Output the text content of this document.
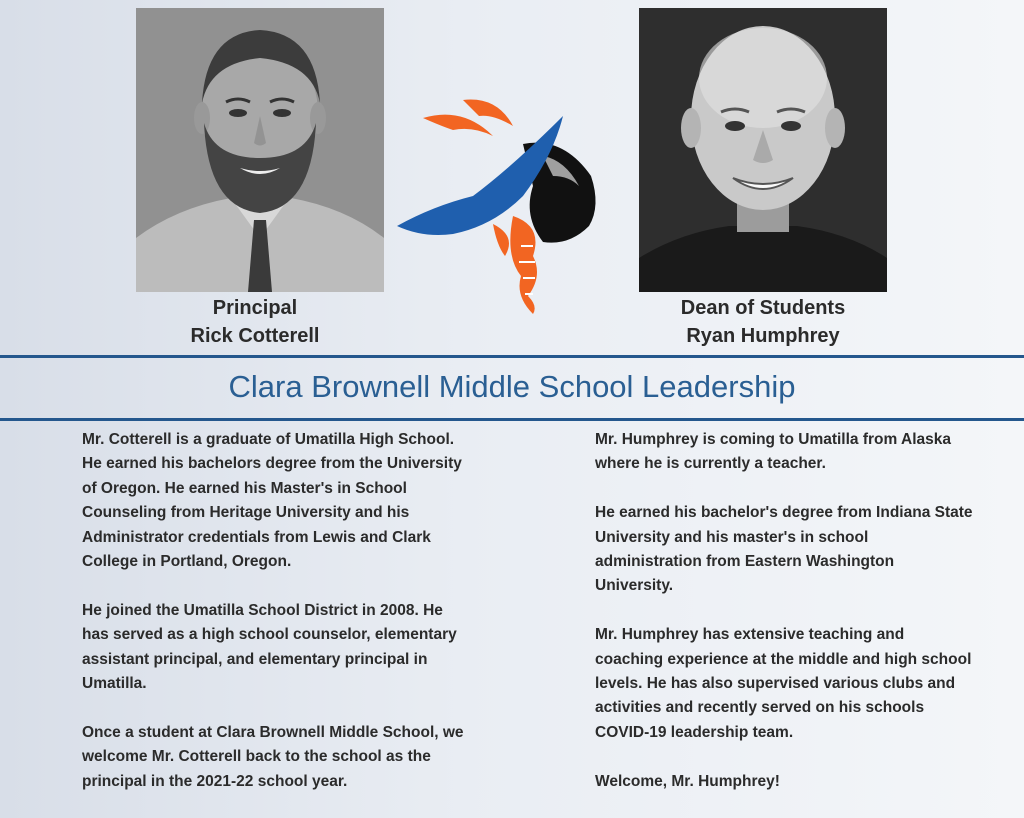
Principal
Rick Cotterell
Dean of Students
Ryan Humphrey
Clara Brownell Middle School Leadership

Mr. Cotterell is a graduate of Umatilla High School. He earned his bachelors degree from the University of Oregon. He earned his Master's in School Counseling from Heritage University and his Administrator credentials from Lewis and Clark College in Portland, Oregon.

He joined the Umatilla School District in 2008. He has served as a high school counselor, elementary assistant principal, and elementary principal in Umatilla.

Once a student at Clara Brownell Middle School, we welcome Mr. Cotterell back to the school as the principal in the 2021-22 school year.

Mr. Humphrey is coming to Umatilla from Alaska where he is currently a teacher.

He earned his bachelor's degree from Indiana State University and his master's in school administration from Eastern Washington University.

Mr. Humphrey has extensive teaching and coaching experience at the middle and high school levels. He has also supervised various clubs and activities and recently served on his schools COVID-19 leadership team.

Welcome, Mr. Humphrey!
